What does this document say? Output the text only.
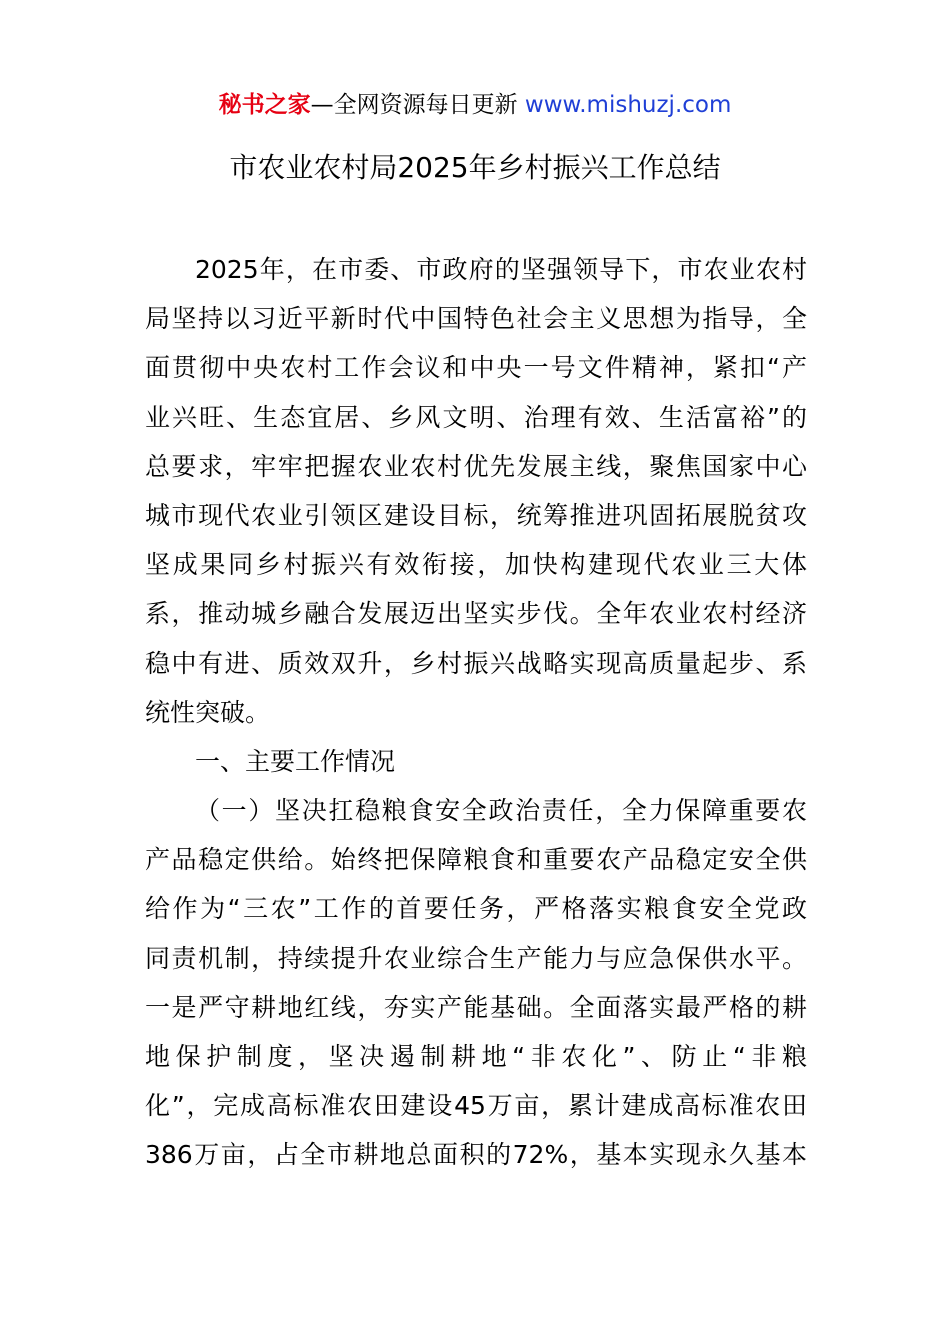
秘书之家—全网资源每日更新 www.mishuzj.com
市农业农村局2025年乡村振兴工作总结
2025年，在市委、市政府的坚强领导下，市农业农村
局坚持以习近平新时代中国特色社会主义思想为指导，全
面贯彻中央农村工作会议和中央一号文件精神，紧扣“产
业兴旺、生态宜居、乡风文明、治理有效、生活富裕”的
总要求，牢牢把握农业农村优先发展主线，聚焦国家中心
城市现代农业引领区建设目标，统筹推进巩固拓展脱贫攻
坚成果同乡村振兴有效衔接，加快构建现代农业三大体
系，推动城乡融合发展迈出坚实步伐。全年农业农村经济
稳中有进、质效双升，乡村振兴战略实现高质量起步、系
统性突破。
一、主要工作情况
（一）坚决扛稳粮食安全政治责任，全力保障重要农
产品稳定供给。始终把保障粮食和重要农产品稳定安全供
给作为“三农”工作的首要任务，严格落实粮食安全党政
同责机制，持续提升农业综合生产能力与应急保供水平。
一是严守耕地红线，夯实产能基础。全面落实最严格的耕
地保护制度，坚决遏制耕地“非农化”、防止“非粮
化”，完成高标准农田建设45万亩，累计建成高标准农田
386万亩，占全市耕地总面积的72%，基本实现永久基本
